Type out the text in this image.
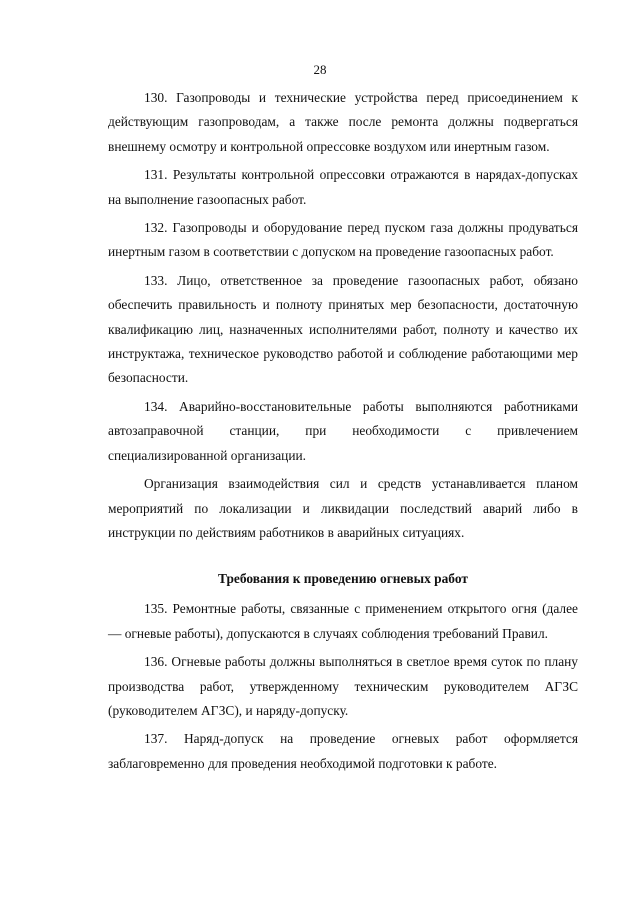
28

130. Газопроводы и технические устройства перед присоединением к действующим газопроводам, а также после ремонта должны подвергаться внешнему осмотру и контрольной опрессовке воздухом или инертным газом.

131. Результаты контрольной опрессовки отражаются в нарядах-допусках на выполнение газоопасных работ.

132. Газопроводы и оборудование перед пуском газа должны продуваться инертным газом в соответствии с допуском на проведение газоопасных работ.

133. Лицо, ответственное за проведение газоопасных работ, обязано обеспечить правильность и полноту принятых мер безопасности, достаточную квалификацию лиц, назначенных исполнителями работ, полноту и качество их инструктажа, техническое руководство работой и соблюдение работающими мер безопасности.

134. Аварийно-восстановительные работы выполняются работниками автозаправочной станции, при необходимости с привлечением специализированной организации.

Организация взаимодействия сил и средств устанавливается планом мероприятий по локализации и ликвидации последствий аварий либо в инструкции по действиям работников в аварийных ситуациях.

Требования к проведению огневых работ

135. Ремонтные работы, связанные с применением открытого огня (далее — огневые работы), допускаются в случаях соблюдения требований Правил.

136. Огневые работы должны выполняться в светлое время суток по плану производства работ, утвержденному техническим руководителем АГЗС (руководителем АГЗС), и наряду-допуску.

137. Наряд-допуск на проведение огневых работ оформляется заблаговременно для проведения необходимой подготовки к работе.
